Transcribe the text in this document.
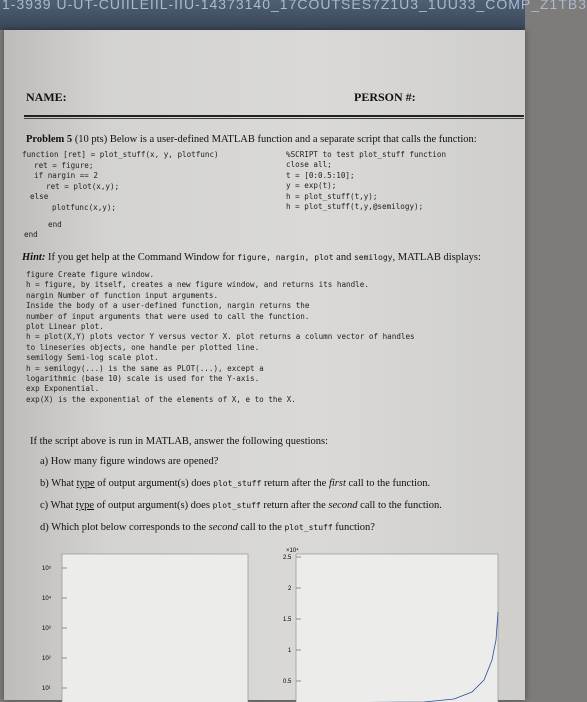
1-3939 U-UT-CUIILEIIL-IIU-14373140_17COUTSES7Z1U3_1UU33_COMP_Z1TB3
NAME:	PERSON #:
Problem 5 (10 pts) Below is a user-defined MATLAB function and a separate script that calls the function:
function [ret] = plot_stuff(x, y, plotfunc)
ret = figure;
if nargin == 2
ret = plot(x,y);
else
plotfunc(x,y);
end
end
%SCRIPT to test plot_stuff function
close all;
t = [0:0.5:10];
y = exp(t);
h = plot_stuff(t,y);
h = plot_stuff(t,y,@semilogy);
Hint: If you get help at the Command Window for figure, nargin, plot and semilogy, MATLAB displays:
figure Create figure window.
h = figure, by itself, creates a new figure window, and returns its handle.
nargin Number of function input arguments.
Inside the body of a user-defined function, nargin returns the
number of input arguments that were used to call the function.
plot Linear plot.
h = plot(X,Y) plots vector Y versus vector X. plot returns a column vector of handles
to lineseries objects, one handle per plotted line.
semilogy Semi-log scale plot.
h = semilogy(...) is the same as PLOT(...), except a
logarithmic (base 10) scale is used for the Y-axis.
exp Exponential.
exp(X) is the exponential of the elements of X, e to the X.
If the script above is run in MATLAB, answer the following questions:
a) How many figure windows are opened?
b) What type of output argument(s) does plot_stuff return after the first call to the function.
c) What type of output argument(s) does plot_stuff return after the second call to the function.
d) Which plot below corresponds to the second call to the plot_stuff function?
10⁵
10⁴
10³
10²
10¹
×10⁴
2.5
2
1.5
1
0.5
